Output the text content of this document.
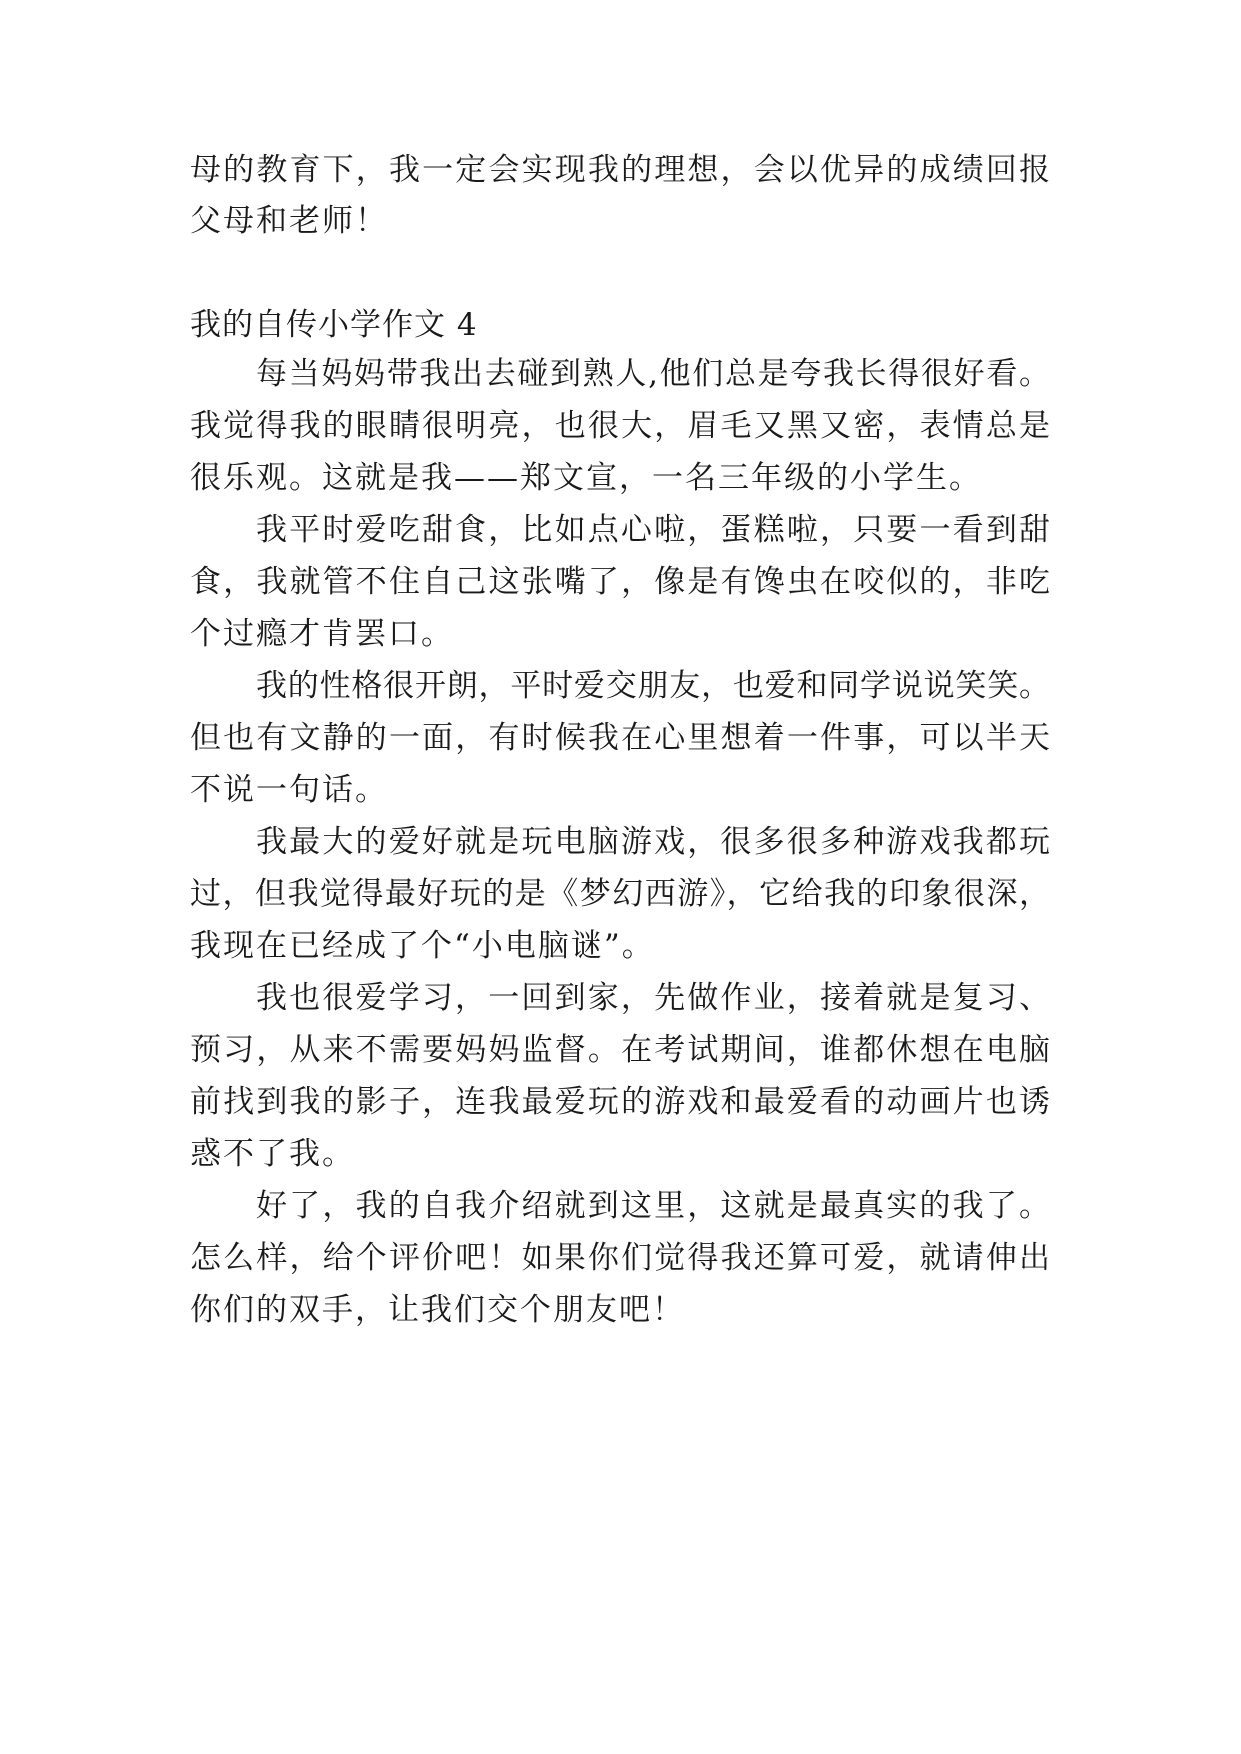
母的教育下，我一定会实现我的理想，会以优异的成绩回报
父母和老师！
我的自传小学作文 4
每当妈妈带我出去碰到熟人,他们总是夸我长得很好看。
我觉得我的眼睛很明亮，也很大，眉毛又黑又密，表情总是
很乐观。这就是我——郑文宣，一名三年级的小学生。
我平时爱吃甜食，比如点心啦，蛋糕啦，只要一看到甜
食，我就管不住自己这张嘴了，像是有馋虫在咬似的，非吃
个过瘾才肯罢口。
我的性格很开朗，平时爱交朋友，也爱和同学说说笑笑。
但也有文静的一面，有时候我在心里想着一件事，可以半天
不说一句话。
我最大的爱好就是玩电脑游戏，很多很多种游戏我都玩
过，但我觉得最好玩的是《梦幻西游》，它给我的印象很深，
我现在已经成了个“小电脑谜”。
我也很爱学习，一回到家，先做作业，接着就是复习、
预习，从来不需要妈妈监督。在考试期间，谁都休想在电脑
前找到我的影子，连我最爱玩的游戏和最爱看的动画片也诱
惑不了我。
好了，我的自我介绍就到这里，这就是最真实的我了。
怎么样，给个评价吧！如果你们觉得我还算可爱，就请伸出
你们的双手，让我们交个朋友吧！
